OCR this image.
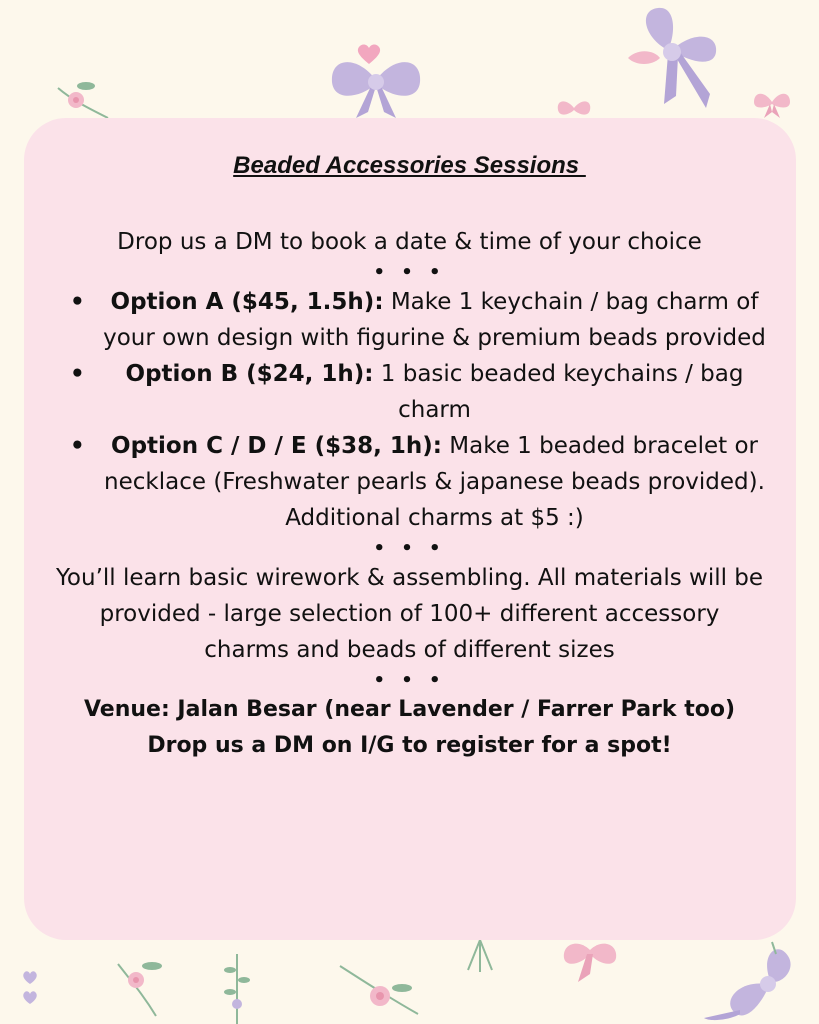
Beaded Accessories Sessions

Drop us a DM to book a date & time of your choice

• • •
• Option A ($45, 1.5h): Make 1 keychain / bag charm of your own design with figurine & premium beads provided
• Option B ($24, 1h): 1 basic beaded keychains / bag charm
• Option C / D / E ($38, 1h): Make 1 beaded bracelet or necklace (Freshwater pearls & japanese beads provided). Additional charms at $5 :)
• • •

You’ll learn basic wirework & assembling. All materials will be provided - large selection of 100+ different accessory charms and beads of different sizes

• • •

Venue: Jalan Besar (near Lavender / Farrer Park too)

Drop us a DM on I/G to register for a spot!
